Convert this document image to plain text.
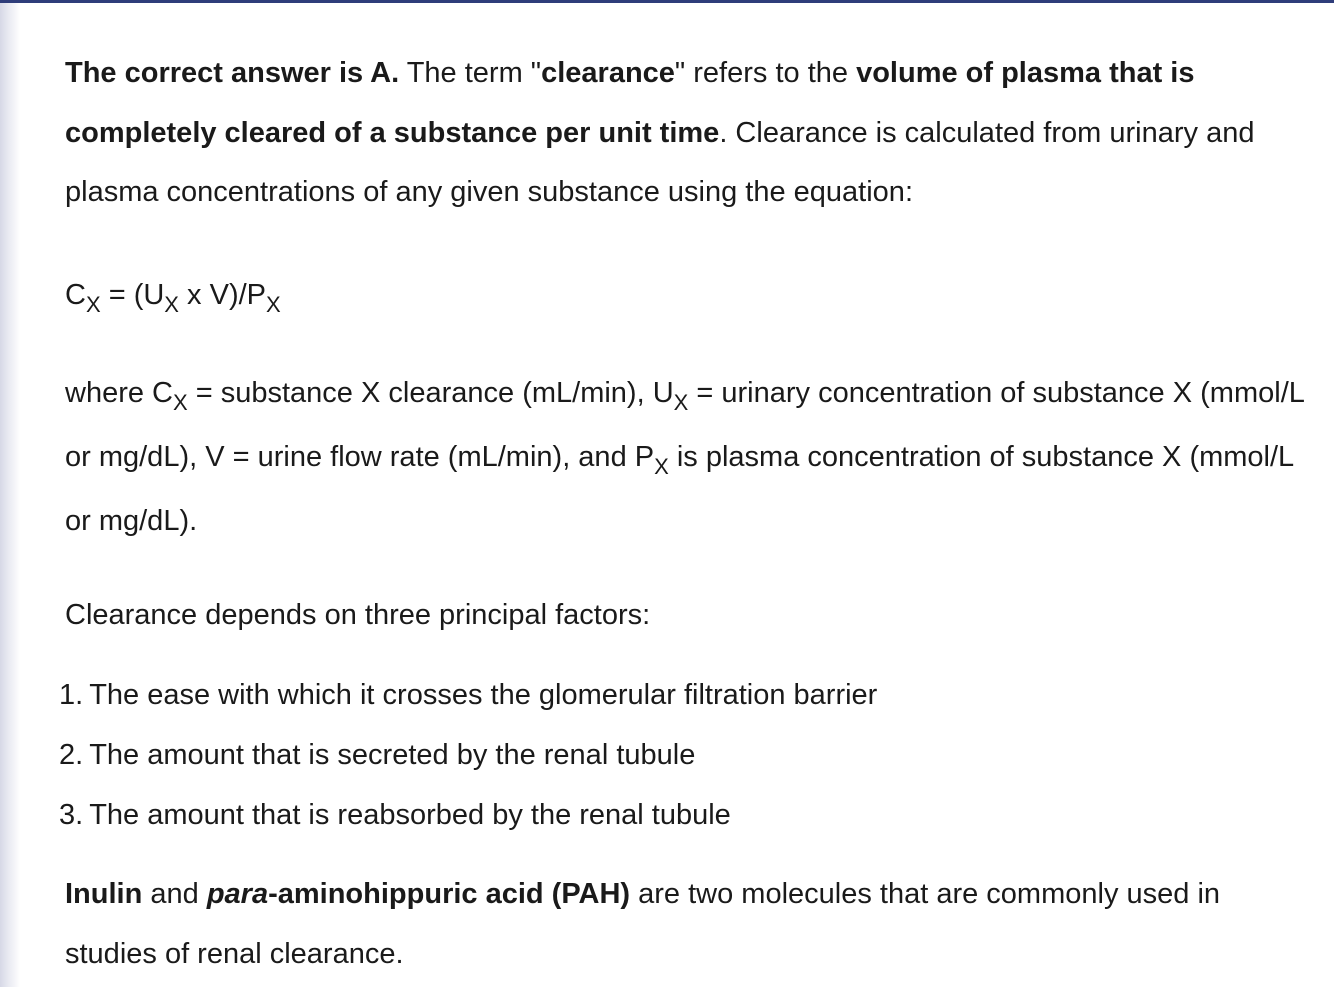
The correct answer is A. The term "clearance" refers to the volume of plasma that is completely cleared of a substance per unit time. Clearance is calculated from urinary and plasma concentrations of any given substance using the equation:

$C_X = (U_X$ x $V)/P_X$

where $C_X$ = substance X clearance (mL/min), $U_X$ = urinary concentration of substance X (mmol/L or mg/dL), V = urine flow rate (mL/min), and $P_X$ is plasma concentration of substance X (mmol/L or mg/dL).

Clearance depends on three principal factors:

1. The ease with which it crosses the glomerular filtration barrier
2. The amount that is secreted by the renal tubule
3. The amount that is reabsorbed by the renal tubule

Inulin and para-aminohippuric acid (PAH) are two molecules that are commonly used in studies of renal clearance.
